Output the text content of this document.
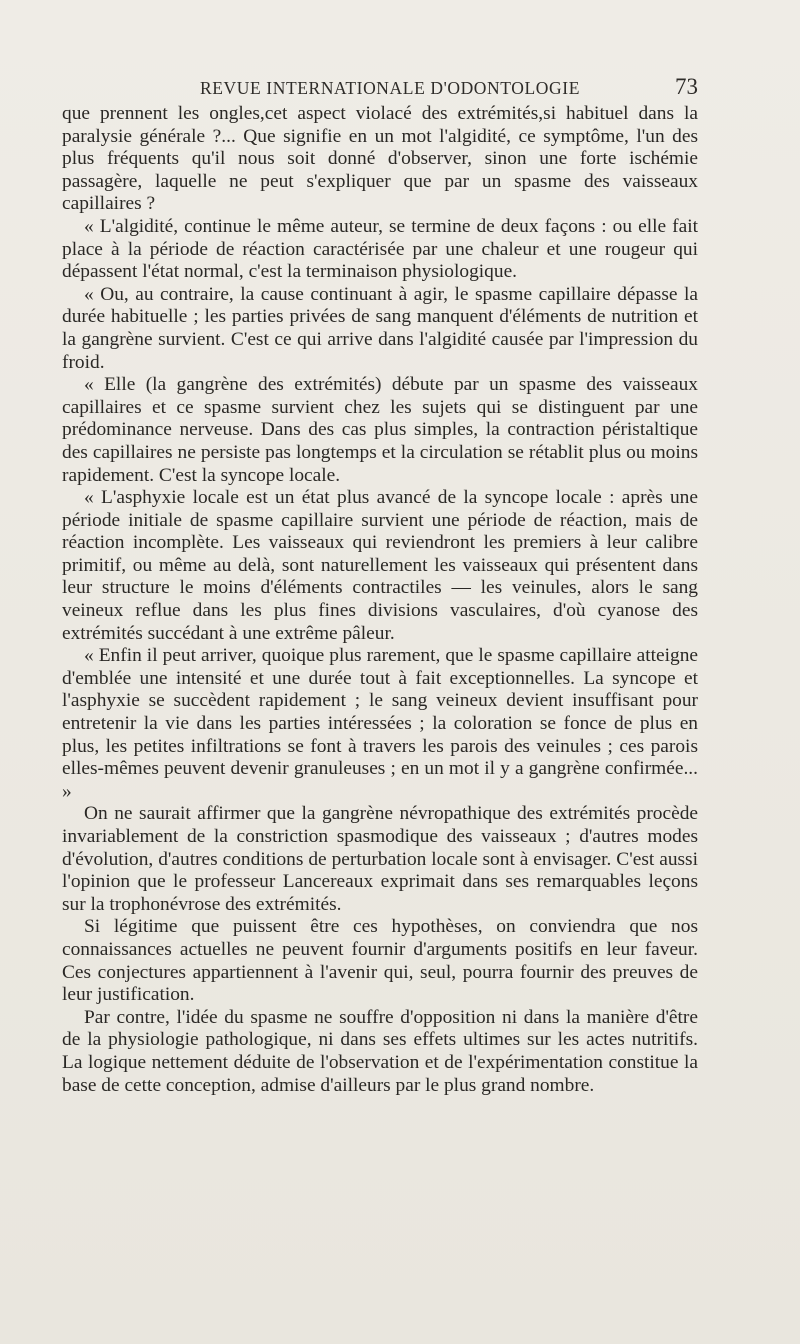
REVUE INTERNATIONALE D'ODONTOLOGIE	73

que prennent les ongles,cet aspect violacé des extrémités,si habituel dans la paralysie générale ?... Que signifie en un mot l'algidité, ce symptôme, l'un des plus fréquents qu'il nous soit donné d'observer, sinon une forte ischémie passagère, laquelle ne peut s'expliquer que par un spasme des vaisseaux capillaires ?

« L'algidité, continue le même auteur, se termine de deux façons : ou elle fait place à la période de réaction caractérisée par une chaleur et une rougeur qui dépassent l'état normal, c'est la terminaison physiologique.

« Ou, au contraire, la cause continuant à agir, le spasme capillaire dépasse la durée habituelle ; les parties privées de sang manquent d'éléments de nutrition et la gangrène survient. C'est ce qui arrive dans l'algidité causée par l'impression du froid.

« Elle (la gangrène des extrémités) débute par un spasme des vaisseaux capillaires et ce spasme survient chez les sujets qui se distinguent par une prédominance nerveuse. Dans des cas plus simples, la contraction péristaltique des capillaires ne persiste pas longtemps et la circulation se rétablit plus ou moins rapidement. C'est la syncope locale.

« L'asphyxie locale est un état plus avancé de la syncope locale : après une période initiale de spasme capillaire survient une période de réaction, mais de réaction incomplète. Les vaisseaux qui reviendront les premiers à leur calibre primitif, ou même au delà, sont naturellement les vaisseaux qui présentent dans leur structure le moins d'éléments contractiles — les veinules, alors le sang veineux reflue dans les plus fines divisions vasculaires, d'où cyanose des extrémités succédant à une extrême pâleur.

« Enfin il peut arriver, quoique plus rarement, que le spasme capillaire atteigne d'emblée une intensité et une durée tout à fait exceptionnelles. La syncope et l'asphyxie se succèdent rapidement ; le sang veineux devient insuffisant pour entretenir la vie dans les parties intéressées ; la coloration se fonce de plus en plus, les petites infiltrations se font à travers les parois des veinules ; ces parois elles-mêmes peuvent devenir granuleuses ; en un mot il y a gangrène confirmée... »

On ne saurait affirmer que la gangrène névropathique des extrémités procède invariablement de la constriction spasmodique des vaisseaux ; d'autres modes d'évolution, d'autres conditions de perturbation locale sont à envisager. C'est aussi l'opinion que le professeur Lancereaux exprimait dans ses remarquables leçons sur la trophonévrose des extrémités.

Si légitime que puissent être ces hypothèses, on conviendra que nos connaissances actuelles ne peuvent fournir d'arguments positifs en leur faveur. Ces conjectures appartiennent à l'avenir qui, seul, pourra fournir des preuves de leur justification.

Par contre, l'idée du spasme ne souffre d'opposition ni dans la manière d'être de la physiologie pathologique, ni dans ses effets ultimes sur les actes nutritifs. La logique nettement déduite de l'observation et de l'expérimentation constitue la base de cette conception, admise d'ailleurs par le plus grand nombre.
